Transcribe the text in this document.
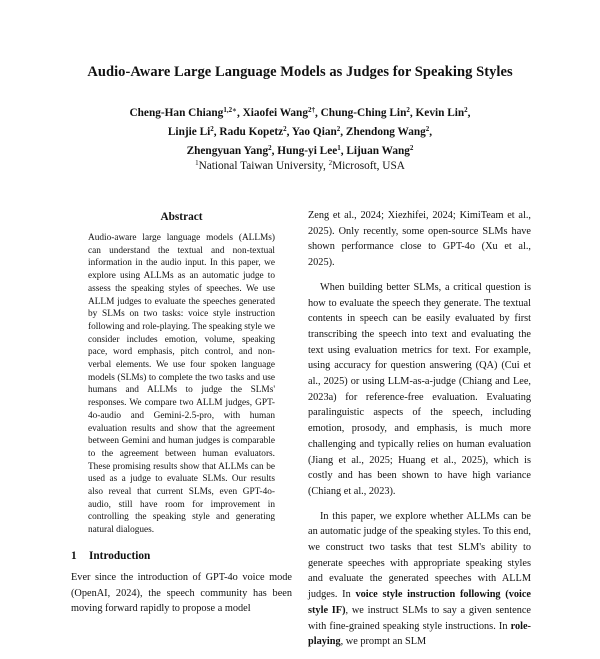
Audio-Aware Large Language Models as Judges for Speaking Styles
Cheng-Han Chiang$^{1,2∗}$, Xiaofei Wang$^{2\dagger}$, Chung-Ching Lin$^2$, Kevin Lin$^2$,
Linjie Li$^2$, Radu Kopetz$^2$, Yao Qian$^2$, Zhendong Wang$^2$,
Zhengyuan Yang$^2$, Hung-yi Lee$^1$, Lijuan Wang$^2$
$^1$National Taiwan University, $^2$Microsoft, USA
Abstract
Audio-aware large language models (ALLMs) can understand the textual and non-textual information in the audio input. In this paper, we explore using ALLMs as an automatic judge to assess the speaking styles of speeches. We use ALLM judges to evaluate the speeches generated by SLMs on two tasks: voice style instruction following and role-playing. The speaking style we consider includes emotion, volume, speaking pace, word emphasis, pitch control, and non-verbal elements. We use four spoken language models (SLMs) to complete the two tasks and use humans and ALLMs to judge the SLMs' responses. We compare two ALLM judges, GPT-4o-audio and Gemini-2.5-pro, with human evaluation results and show that the agreement between Gemini and human judges is comparable to the agreement between human evaluators. These promising results show that ALLMs can be used as a judge to evaluate SLMs. Our results also reveal that current SLMs, even GPT-4o-audio, still have room for improvement in controlling the speaking style and generating natural dialogues.
1 Introduction

Ever since the introduction of GPT-4o voice mode (OpenAI, 2024), the speech community has been moving forward rapidly to propose a model

Zeng et al., 2024; Xiezhifei, 2024; KimiTeam et al., 2025). Only recently, some open-source SLMs have shown performance close to GPT-4o (Xu et al., 2025).

When building better SLMs, a critical question is how to evaluate the speech they generate. The textual contents in speech can be easily evaluated by first transcribing the speech into text and evaluating the text using evaluation metrics for text. For example, using accuracy for question answering (QA) (Cui et al., 2025) or using LLM-as-a-judge (Chiang and Lee, 2023a) for reference-free evaluation. Evaluating paralinguistic aspects of the speech, including emotion, prosody, and emphasis, is much more challenging and typically relies on human evaluation (Jiang et al., 2025; Huang et al., 2025), which is costly and has been shown to have high variance (Chiang et al., 2023).

In this paper, we explore whether ALLMs can be an automatic judge of the speaking styles. To this end, we construct two tasks that test SLM's ability to generate speeches with appropriate speaking styles and evaluate the generated speeches with ALLM judges. In voice style instruction following (voice style IF), we instruct SLMs to say a given sentence with fine-grained speaking style instructions. In role-playing, we prompt an SLM
